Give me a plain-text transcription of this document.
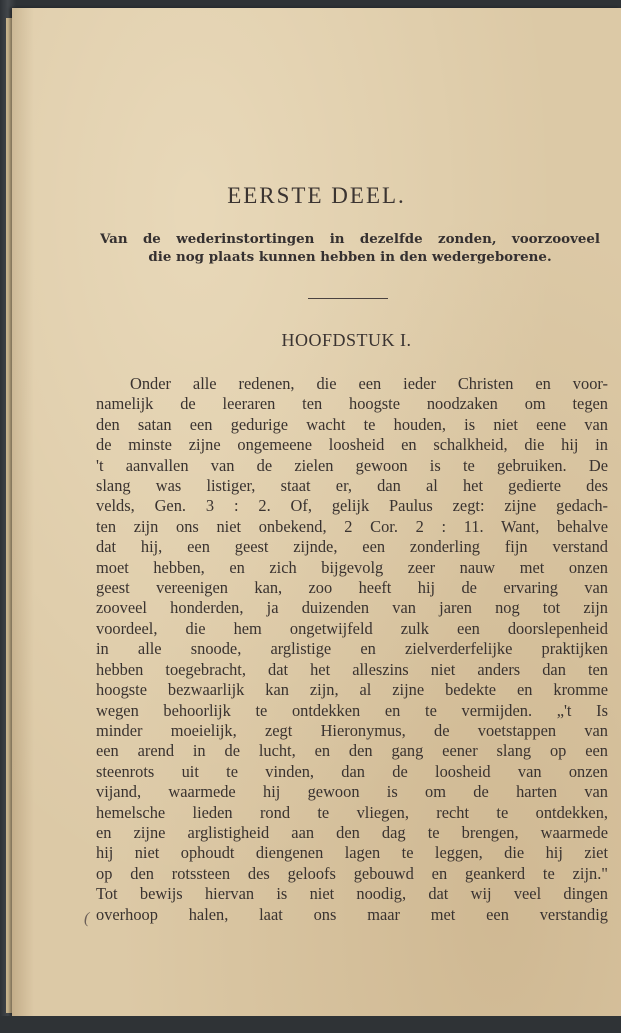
EERSTE DEEL.
Van de wederinstortingen in dezelfde zonden, voorzooveel
die nog plaats kunnen hebben in den wedergeborene.
HOOFDSTUK I.
(
Onder alle redenen, die een ieder Christen en voor-
namelijk de leeraren ten hoogste noodzaken om tegen
den satan een gedurige wacht te houden, is niet eene van
de minste zijne ongemeene loosheid en schalkheid, die hij in
't aanvallen van de zielen gewoon is te gebruiken. De
slang was listiger, staat er, dan al het gedierte des
velds, Gen. 3 : 2. Of, gelijk Paulus zegt: zijne gedach-
ten zijn ons niet onbekend, 2 Cor. 2 : 11. Want, behalve
dat hij, een geest zijnde, een zonderling fijn verstand
moet hebben, en zich bijgevolg zeer nauw met onzen
geest vereenigen kan, zoo heeft hij de ervaring van
zooveel honderden, ja duizenden van jaren nog tot zijn
voordeel, die hem ongetwijfeld zulk een doorslepenheid
in alle snoode, arglistige en zielverderfelijke praktijken
hebben toegebracht, dat het alleszins niet anders dan ten
hoogste bezwaarlijk kan zijn, al zijne bedekte en kromme
wegen behoorlijk te ontdekken en te vermijden. „'t Is
minder moeielijk, zegt Hieronymus, de voetstappen van
een arend in de lucht, en den gang eener slang op een
steenrots uit te vinden, dan de loosheid van onzen
vijand, waarmede hij gewoon is om de harten van
hemelsche lieden rond te vliegen, recht te ontdekken,
en zijne arglistigheid aan den dag te brengen, waarmede
hij niet ophoudt diengenen lagen te leggen, die hij ziet
op den rotssteen des geloofs gebouwd en geankerd te zijn."
Tot bewijs hiervan is niet noodig, dat wij veel dingen
overhoop halen, laat ons maar met een verstandig
